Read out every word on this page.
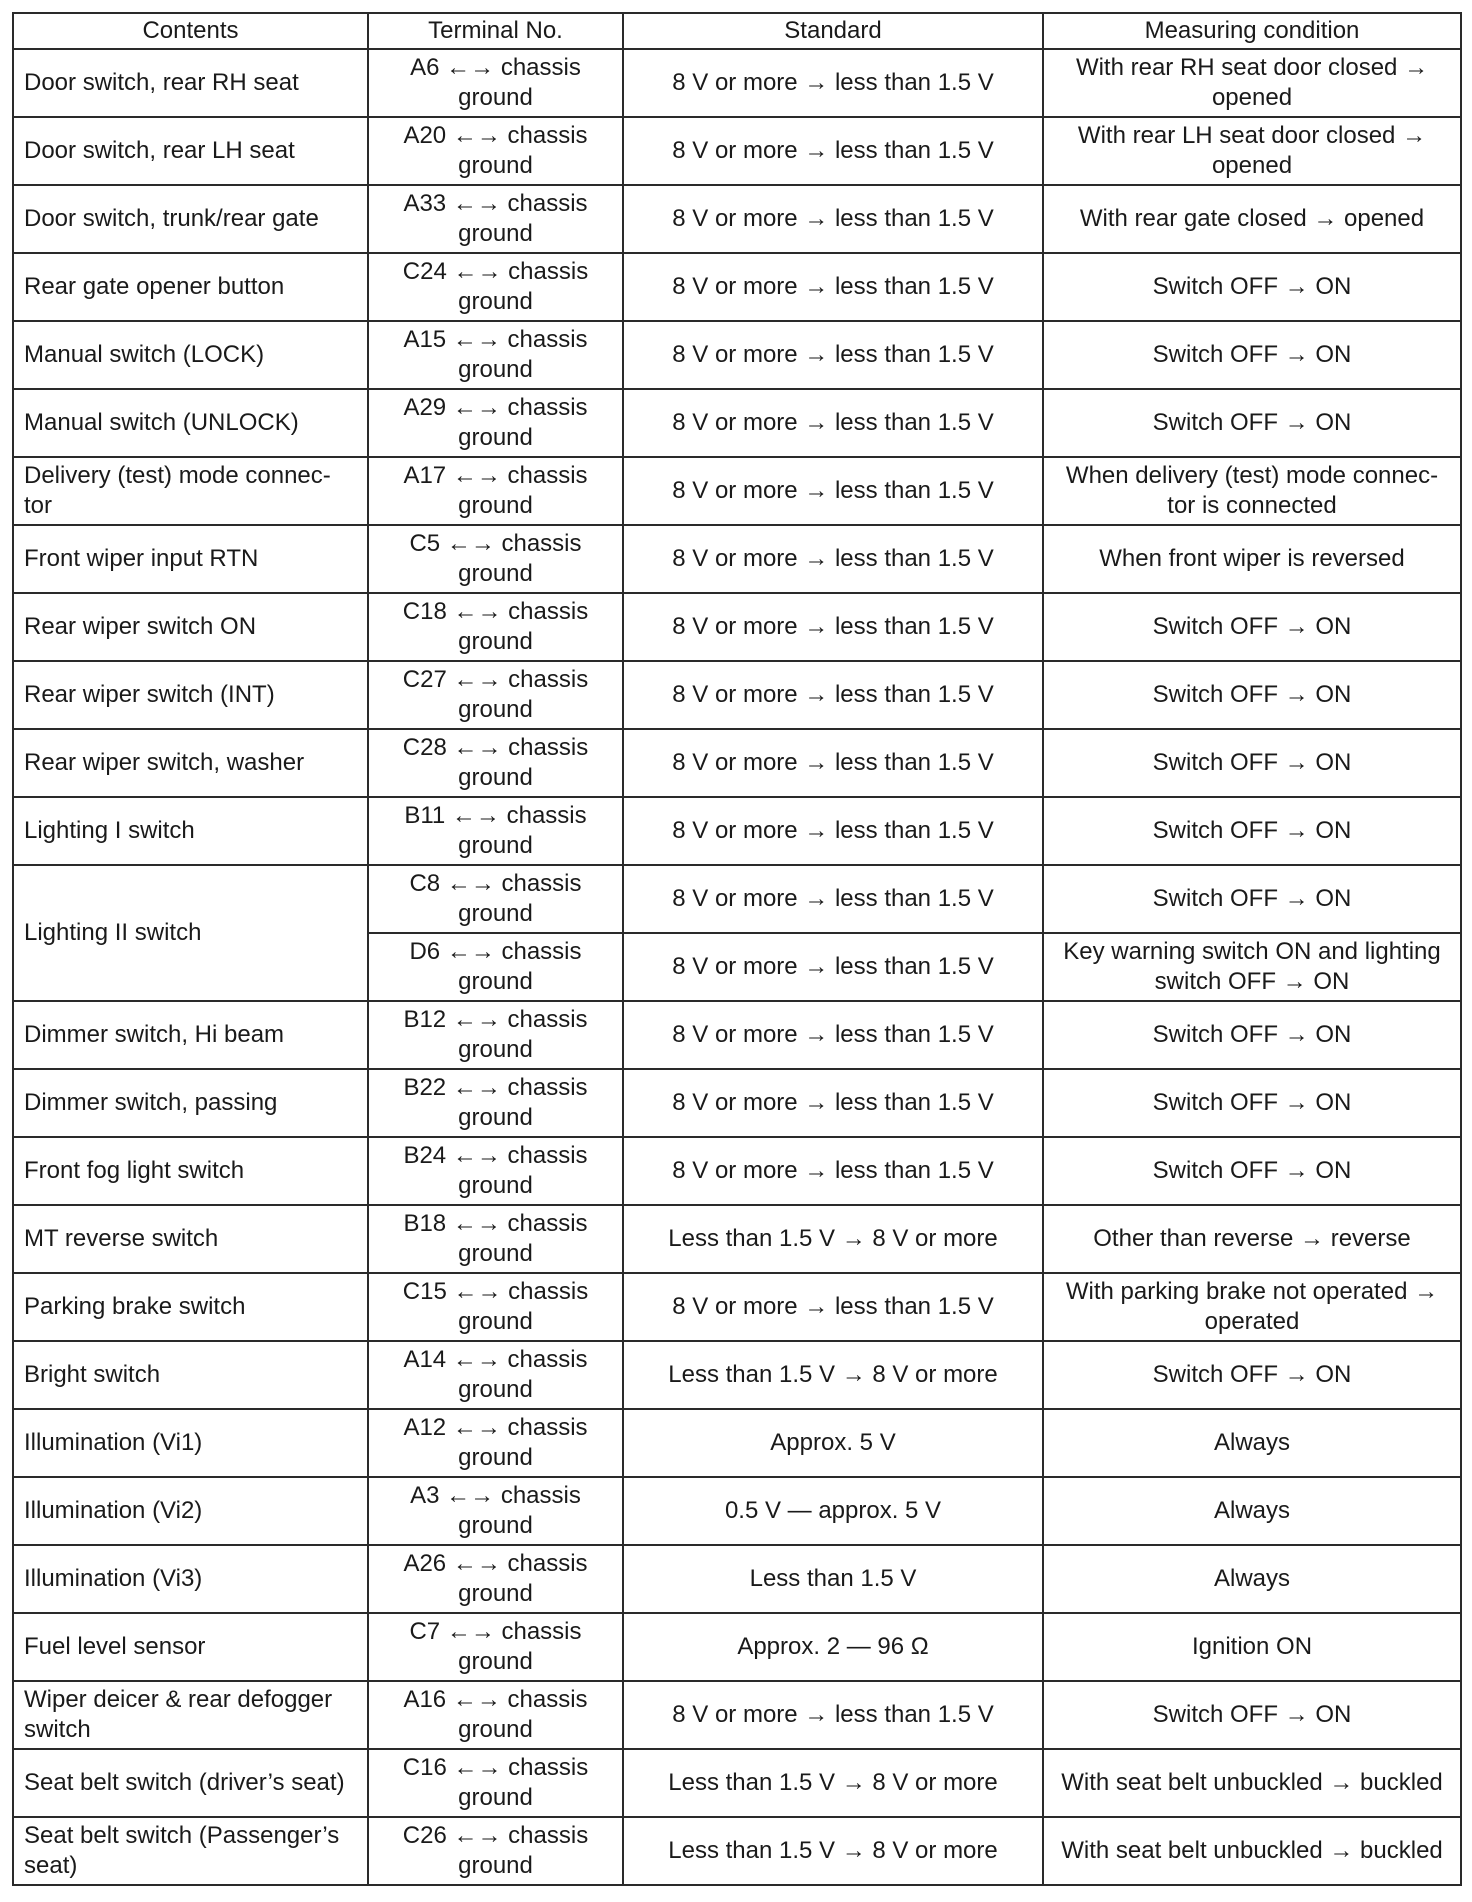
Contents	Terminal No.	Standard	Measuring condition
Door switch, rear RH seat	A6 ←→ chassis ground	8 V or more → less than 1.5 V	With rear RH seat door closed → opened
Door switch, rear LH seat	A20 ←→ chassis ground	8 V or more → less than 1.5 V	With rear LH seat door closed → opened
Door switch, trunk/rear gate	A33 ←→ chassis ground	8 V or more → less than 1.5 V	With rear gate closed → opened
Rear gate opener button	C24 ←→ chassis ground	8 V or more → less than 1.5 V	Switch OFF → ON
Manual switch (LOCK)	A15 ←→ chassis ground	8 V or more → less than 1.5 V	Switch OFF → ON
Manual switch (UNLOCK)	A29 ←→ chassis ground	8 V or more → less than 1.5 V	Switch OFF → ON
Delivery (test) mode connec- tor	A17 ←→ chassis ground	8 V or more → less than 1.5 V	When delivery (test) mode connec- tor is connected
Front wiper input RTN	C5 ←→ chassis ground	8 V or more → less than 1.5 V	When front wiper is reversed
Rear wiper switch ON	C18 ←→ chassis ground	8 V or more → less than 1.5 V	Switch OFF → ON
Rear wiper switch (INT)	C27 ←→ chassis ground	8 V or more → less than 1.5 V	Switch OFF → ON
Rear wiper switch, washer	C28 ←→ chassis ground	8 V or more → less than 1.5 V	Switch OFF → ON
Lighting I switch	B11 ←→ chassis ground	8 V or more → less than 1.5 V	Switch OFF → ON
Lighting II switch	C8 ←→ chassis ground	8 V or more → less than 1.5 V	Switch OFF → ON
	D6 ←→ chassis ground	8 V or more → less than 1.5 V	Key warning switch ON and lighting switch OFF → ON
Dimmer switch, Hi beam	B12 ←→ chassis ground	8 V or more → less than 1.5 V	Switch OFF → ON
Dimmer switch, passing	B22 ←→ chassis ground	8 V or more → less than 1.5 V	Switch OFF → ON
Front fog light switch	B24 ←→ chassis ground	8 V or more → less than 1.5 V	Switch OFF → ON
MT reverse switch	B18 ←→ chassis ground	Less than 1.5 V → 8 V or more	Other than reverse → reverse
Parking brake switch	C15 ←→ chassis ground	8 V or more → less than 1.5 V	With parking brake not operated → operated
Bright switch	A14 ←→ chassis ground	Less than 1.5 V → 8 V or more	Switch OFF → ON
Illumination (Vi1)	A12 ←→ chassis ground	Approx. 5 V	Always
Illumination (Vi2)	A3 ←→ chassis ground	0.5 V — approx. 5 V	Always
Illumination (Vi3)	A26 ←→ chassis ground	Less than 1.5 V	Always
Fuel level sensor	C7 ←→ chassis ground	Approx. 2 — 96 Ω	Ignition ON
Wiper deicer & rear defogger switch	A16 ←→ chassis ground	8 V or more → less than 1.5 V	Switch OFF → ON
Seat belt switch (driver’s seat)	C16 ←→ chassis ground	Less than 1.5 V → 8 V or more	With seat belt unbuckled → buckled
Seat belt switch (Passenger’s seat)	C26 ←→ chassis ground	Less than 1.5 V → 8 V or more	With seat belt unbuckled → buckled
